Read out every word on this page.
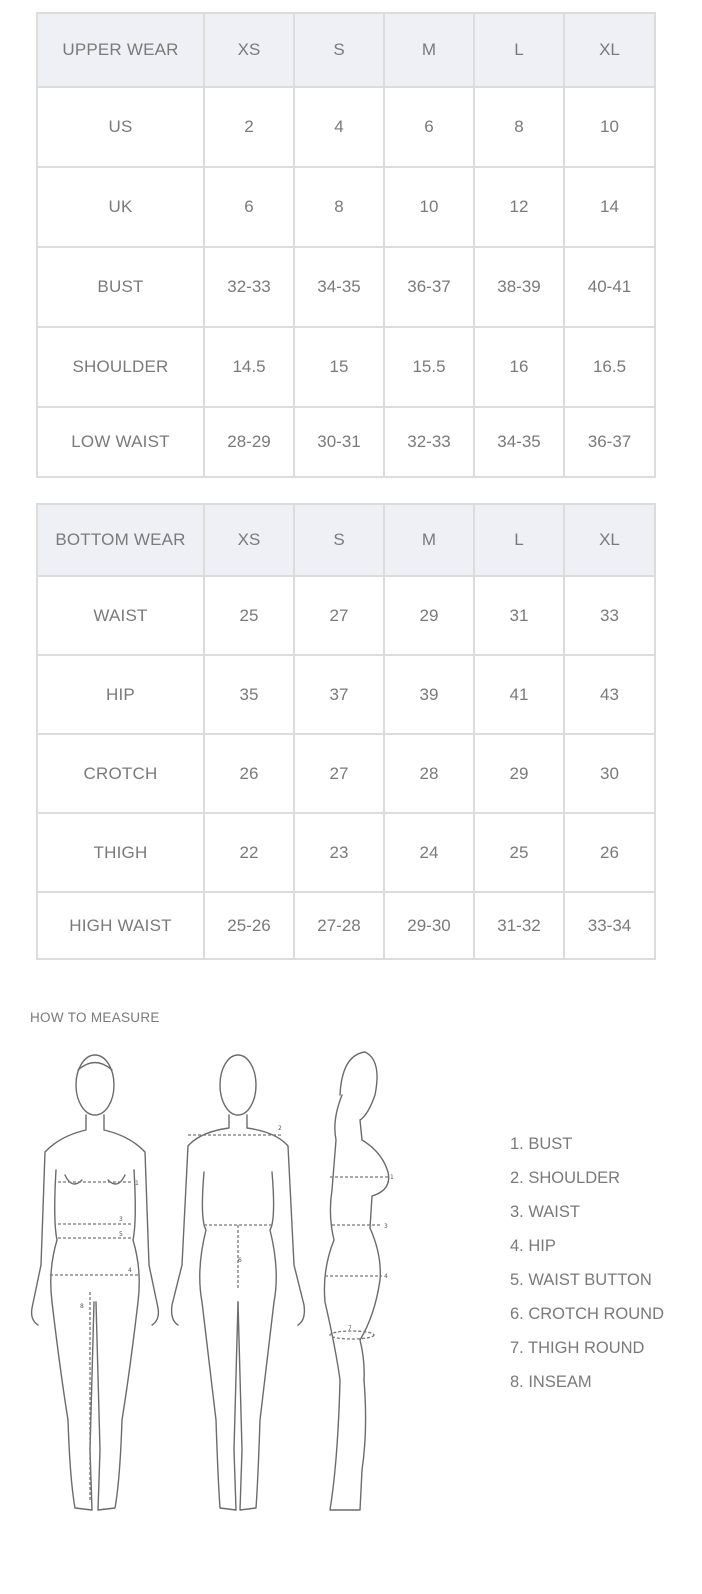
UPPER WEAR	XS	S	M	L	XL
US	2	4	6	8	10
UK	6	8	10	12	14
BUST	32-33	34-35	36-37	38-39	40-41
SHOULDER	14.5	15	15.5	16	16.5
LOW WAIST	28-29	30-31	32-33	34-35	36-37
BOTTOM WEAR	XS	S	M	L	XL
WAIST	25	27	29	31	33
HIP	35	37	39	41	43
CROTCH	26	27	28	29	30
THIGH	22	23	24	25	26
HIGH WAIST	25-26	27-28	29-30	31-32	33-34
HOW TO MEASURE
1
3
5
4
8
2
6
1
3
4
7
1. BUST
2. SHOULDER
3. WAIST
4. HIP
5. WAIST BUTTON
6. CROTCH ROUND
7. THIGH ROUND
8. INSEAM
